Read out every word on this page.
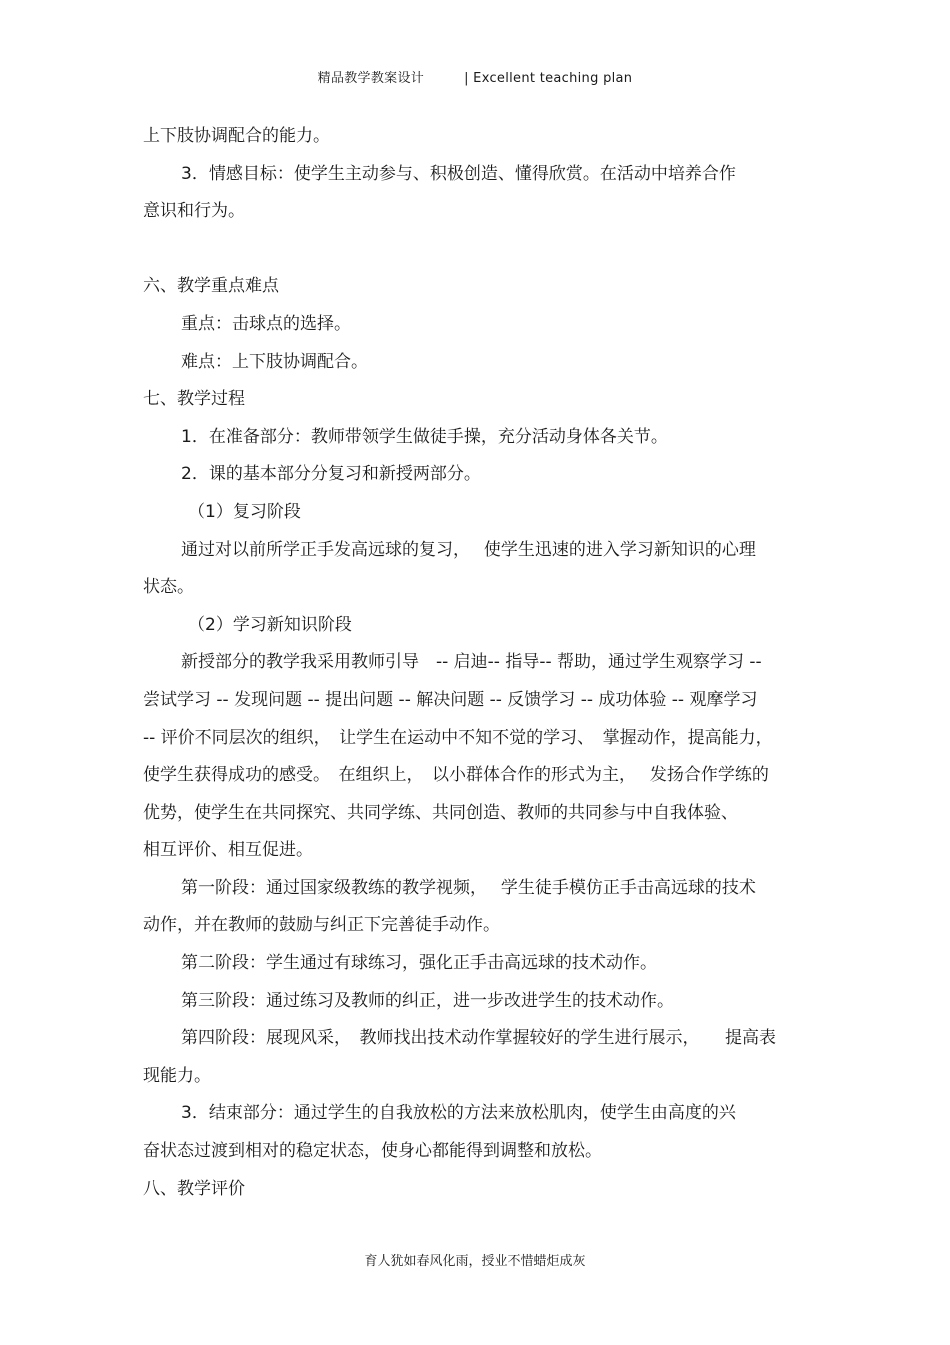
精品教学教案设计	| Excellent teaching plan
上下肢协调配合的能力。
3．情感目标：使学生主动参与、积极创造、懂得欣赏。在活动中培养合作
意识和行为。
六、教学重点难点
重点：击球点的选择。
难点：上下肢协调配合。
七、教学过程
1．在准备部分：教师带领学生做徒手操，充分活动身体各关节。
2．课的基本部分分复习和新授两部分。
（1）复习阶段
通过对以前所学正手发高远球的复习，　 使学生迅速的进入学习新知识的心理
状态。
（2）学习新知识阶段
新授部分的教学我采用教师引导　-- 启迪-- 指导-- 帮助，通过学生观察学习 --
尝试学习 -- 发现问题 -- 提出问题 -- 解决问题 -- 反馈学习 -- 成功体验 -- 观摩学习
-- 评价不同层次的组织，　让学生在运动中不知不觉的学习、　掌握动作，提高能力，
使学生获得成功的感受。　在组织上，　以小群体合作的形式为主，　 发扬合作学练的
优势，使学生在共同探究、共同学练、共同创造、教师的共同参与中自我体验、
相互评价、相互促进。
第一阶段：通过国家级教练的教学视频，　 学生徒手模仿正手击高远球的技术
动作，并在教师的鼓励与纠正下完善徒手动作。
第二阶段：学生通过有球练习，强化正手击高远球的技术动作。
第三阶段：通过练习及教师的纠正，进一步改进学生的技术动作。
第四阶段：展现风采，　教师找出技术动作掌握较好的学生进行展示，　　提高表
现能力。
3．结束部分：通过学生的自我放松的方法来放松肌肉，使学生由高度的兴
奋状态过渡到相对的稳定状态，使身心都能得到调整和放松。
八、教学评价
育人犹如春风化雨，授业不惜蜡炬成灰
